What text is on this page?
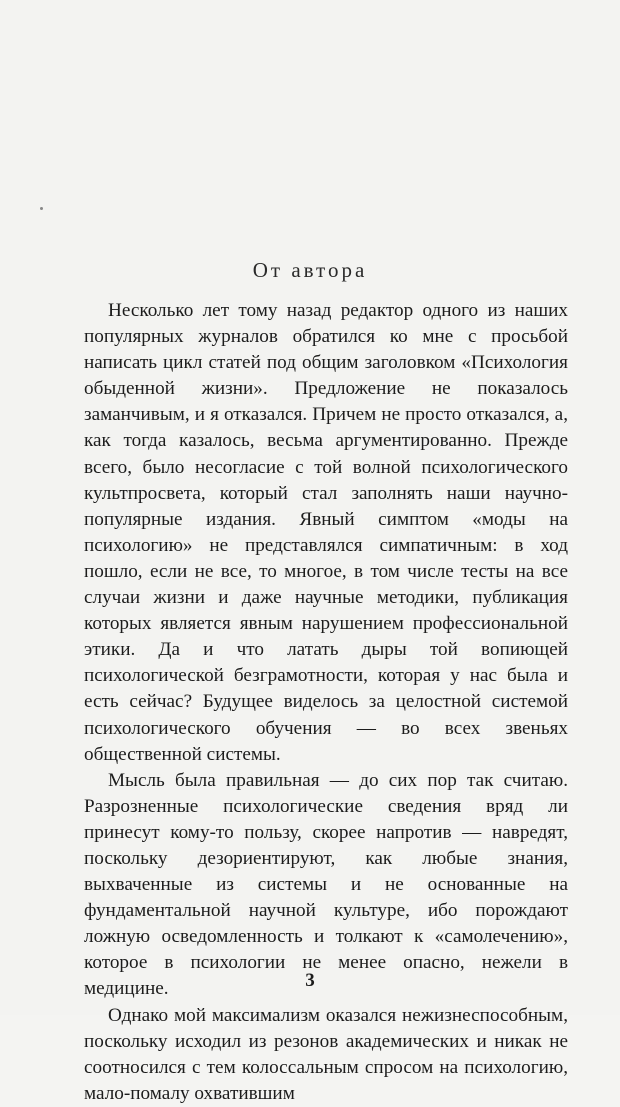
От автора

Несколько лет тому назад редактор одного из наших популярных журналов обратился ко мне с просьбой написать цикл статей под общим заголовком «Психология обыденной жизни». Предложение не показалось заманчивым, и я отказался. Причем не просто отказался, а, как тогда казалось, весьма аргументированно. Прежде всего, было несогласие с той волной психологического культпросвета, который стал заполнять наши научно-популярные издания. Явный симптом «моды на психологию» не представлялся симпатичным: в ход пошло, если не все, то многое, в том числе тесты на все случаи жизни и даже научные методики, публикация которых является явным нарушением профессиональной этики. Да и что латать дыры той вопиющей психологической безграмотности, которая у нас была и есть сейчас? Будущее виделось за целостной системой психологического обучения — во всех звеньях общественной системы.

Мысль была правильная — до сих пор так считаю. Разрозненные психологические сведения вряд ли принесут кому-то пользу, скорее напротив — навредят, поскольку дезориентируют, как любые знания, выхваченные из системы и не основанные на фундаментальной научной культуре, ибо порождают ложную осведомленность и толкают к «самолечению», которое в психологии не менее опасно, нежели в медицине.

Однако мой максимализм оказался нежизнеспособным, поскольку исходил из резонов академических и никак не соотносился с тем колоссальным спросом на психологию, мало-помалу охватившим

3
